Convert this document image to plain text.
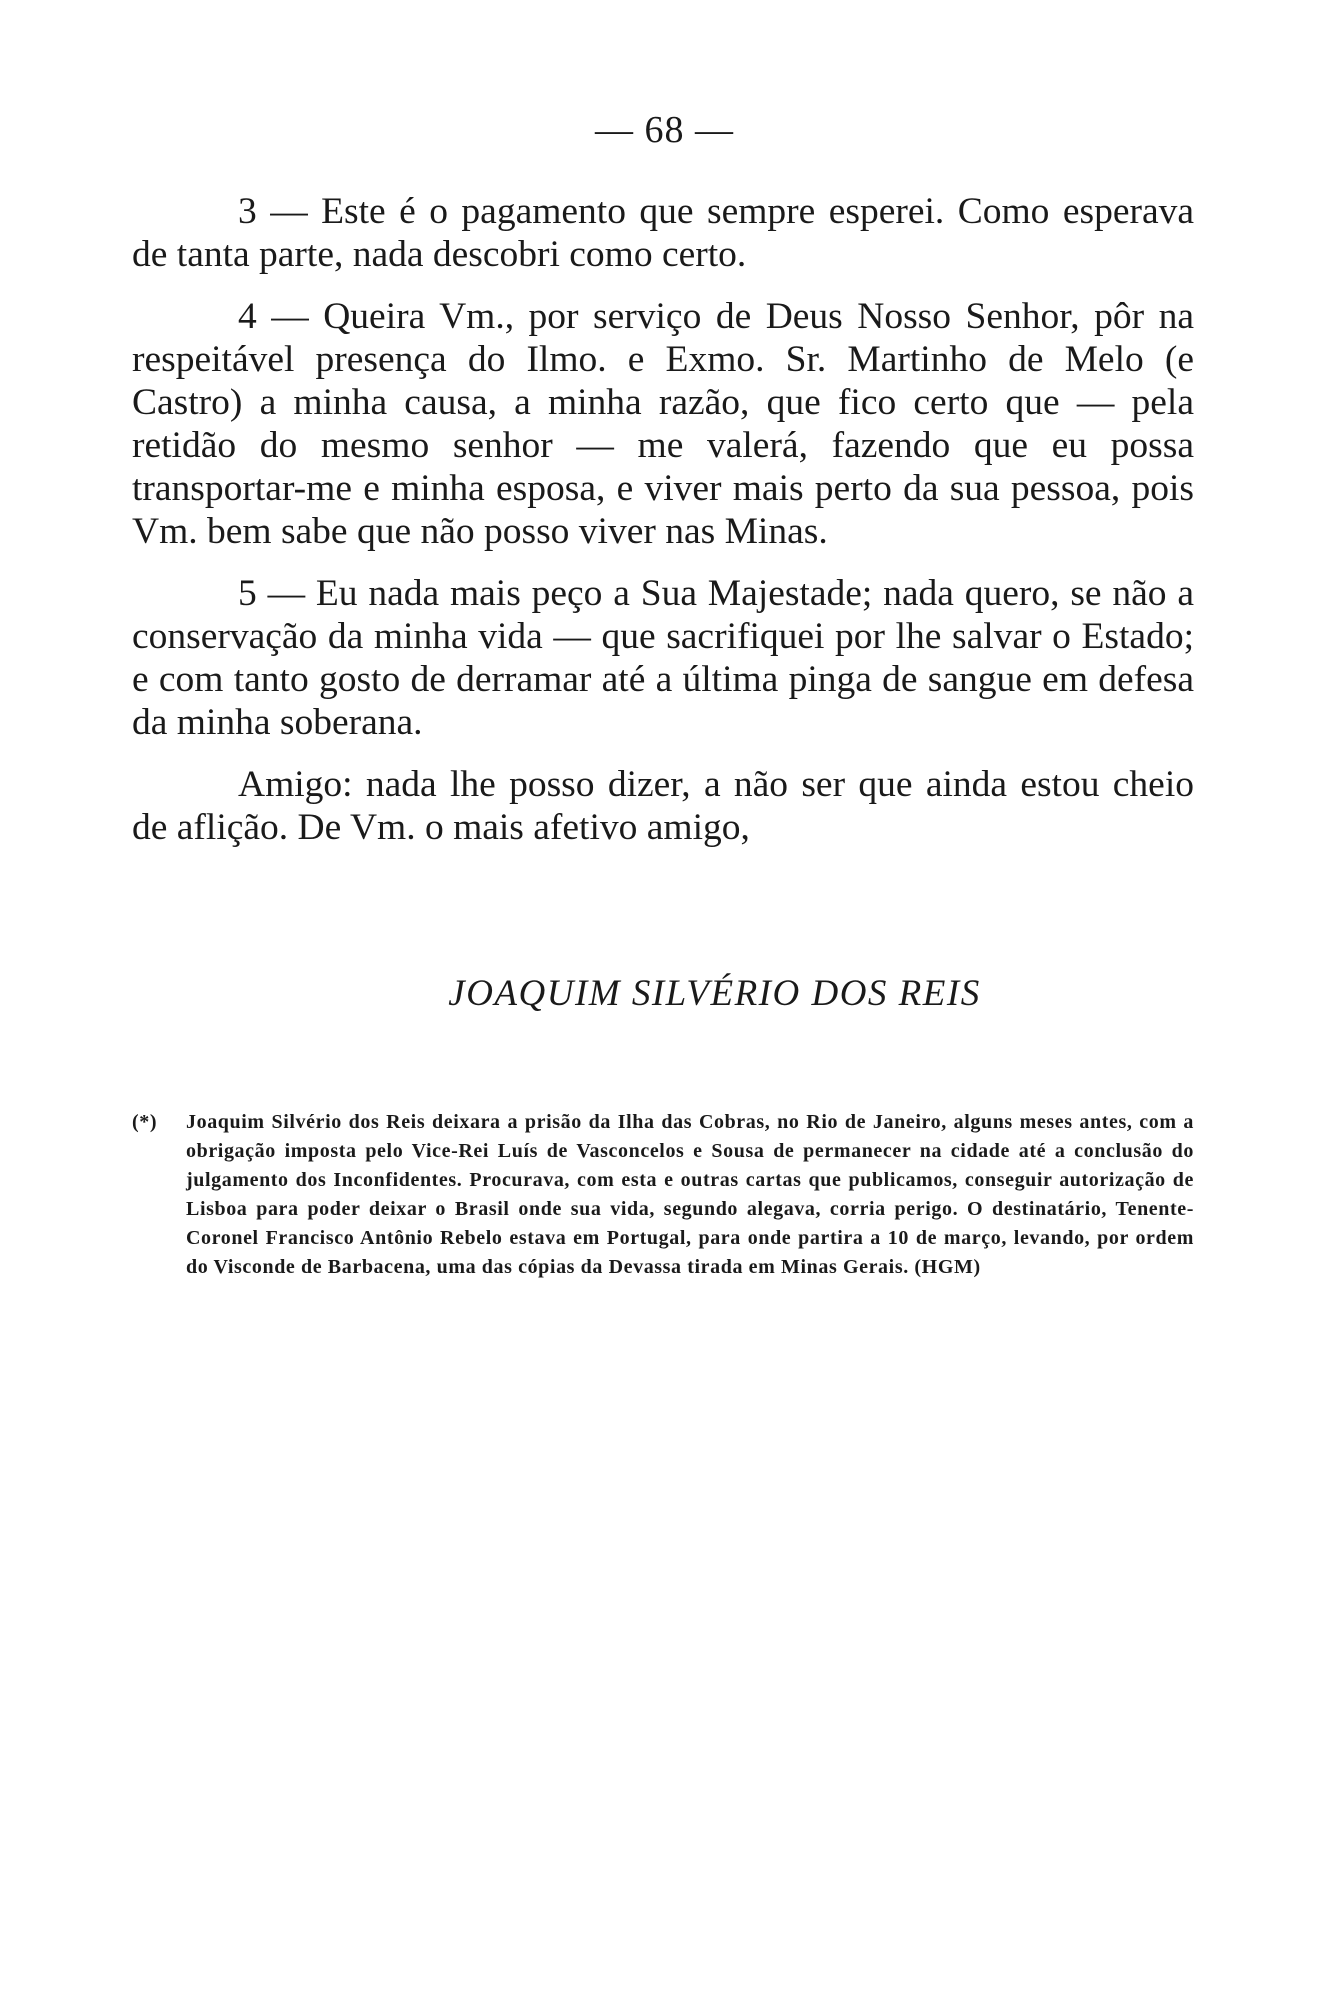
— 68 —

3 — Este é o pagamento que sempre esperei. Como esperava de tanta parte, nada descobri como certo.

4 — Queira Vm., por serviço de Deus Nosso Senhor, pôr na respeitável presença do Ilmo. e Exmo. Sr. Martinho de Melo (e Castro) a minha causa, a minha razão, que fico certo que — pela retidão do mesmo senhor — me valerá, fazendo que eu possa transportar-me e minha esposa, e viver mais perto da sua pessoa, pois Vm. bem sabe que não posso viver nas Minas.

5 — Eu nada mais peço a Sua Majestade; nada quero, se não a conservação da minha vida — que sacrifiquei por lhe salvar o Estado; e com tanto gosto de derramar até a última pinga de sangue em defesa da minha soberana.

Amigo: nada lhe posso dizer, a não ser que ainda estou cheio de aflição. De Vm. o mais afetivo amigo,

JOAQUIM SILVÉRIO DOS REIS
(*) Joaquim Silvério dos Reis deixara a prisão da Ilha das Cobras, no Rio de Janeiro, alguns meses antes, com a obrigação imposta pelo Vice-Rei Luís de Vasconcelos e Sousa de permanecer na cidade até a conclusão do julgamento dos Inconfidentes. Procurava, com esta e outras cartas que publicamos, conseguir autorização de Lisboa para poder deixar o Brasil onde sua vida, segundo alegava, corria perigo. O destinatário, Tenente-Coronel Francisco Antônio Rebelo estava em Portugal, para onde partira a 10 de março, levando, por ordem do Visconde de Barbacena, uma das cópias da Devassa tirada em Minas Gerais. (HGM)
